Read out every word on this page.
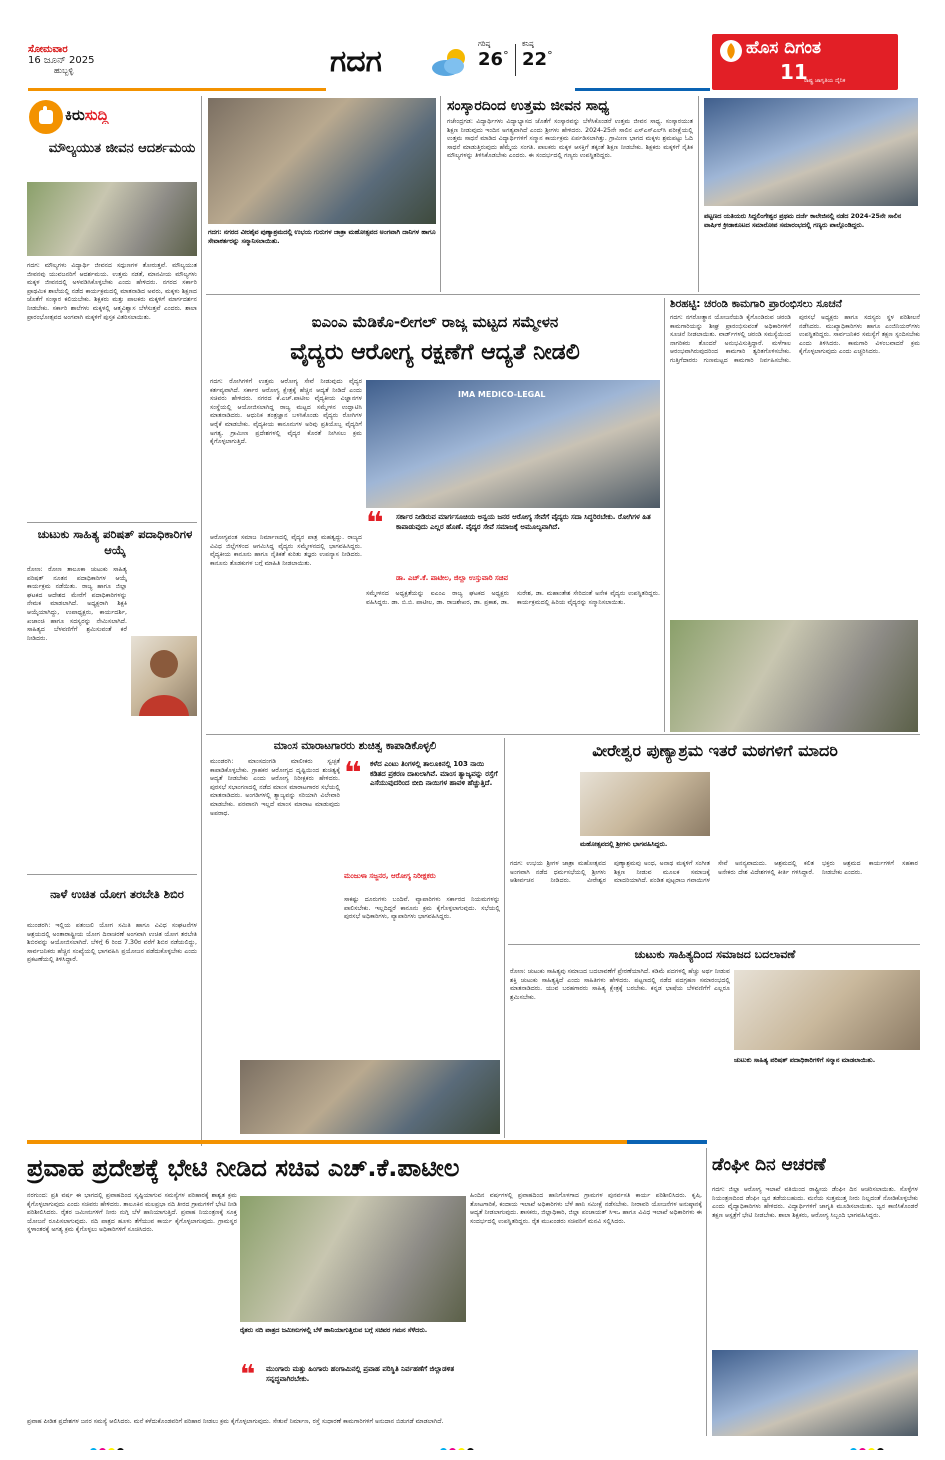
ಸೋಮವಾರ
16 ಜೂನ್ 2025
ಹುಬ್ಬಳ್ಳಿ	ಗದಗ	ಗರಿಷ್ಠ
26°
ಕನಿಷ್ಠ
22°	ಹೊಸ ದಿಗಂತ
11
ರಾಷ್ಟ್ರ ಜಾಗೃತಿಯ ದೈನಿಕ
ಕಿರುಸುದ್ದಿ
ಮೌಲ್ಯಯುತ ಜೀವನ ಆದರ್ಶಮಯ
ಗದಗ: ಮೌಲ್ಯಗಳು ವಿದ್ಯಾರ್ಥಿ ಜೀವನದ ಸದ್ಗುಣಗಳ ತೋರುತ್ತವೆ. ಮೌಲ್ಯಯುತ ಜೀವನವು ಯುವಜನರಿಗೆ ಆದರ್ಶಮಯ. ಉತ್ತಮ ನಡತೆ, ಮಾನವೀಯ ಮೌಲ್ಯಗಳು ಮಕ್ಕಳ ಜೀವನದಲ್ಲಿ ಅಳವಡಿಸಿಕೊಳ್ಳಬೇಕು ಎಂದು ಹೇಳಿದರು. ನಗರದ ಸರ್ಕಾರಿ ಪ್ರಾಥಮಿಕ ಶಾಲೆಯಲ್ಲಿ ನಡೆದ ಕಾರ್ಯಕ್ರಮದಲ್ಲಿ ಮಾತನಾಡಿದ ಅವರು, ಮಕ್ಕಳು ಶಿಕ್ಷಣದ ಜೊತೆಗೆ ಸಂಸ್ಕಾರ ಕಲಿಯಬೇಕು. ಶಿಕ್ಷಕರು ಮತ್ತು ಪಾಲಕರು ಮಕ್ಕಳಿಗೆ ಮಾರ್ಗದರ್ಶನ ನೀಡಬೇಕು. ಸರ್ಕಾರಿ ಶಾಲೆಗಳು ಮಕ್ಕಳಲ್ಲಿ ಆತ್ಮವಿಶ್ವಾಸ ಬೆಳೆಸುತ್ತವೆ ಎಂದರು. ಶಾಲಾ ಪ್ರಾರಂಭೋತ್ಸವದ ಅಂಗವಾಗಿ ಮಕ್ಕಳಿಗೆ ಪುಸ್ತಕ ವಿತರಿಸಲಾಯಿತು.
ಚುಟುಕು ಸಾಹಿತ್ಯ ಪರಿಷತ್ ಪದಾಧಿಕಾರಿಗಳ ಆಯ್ಕೆ
ರೋಣ: ರೋಣ ತಾಲೂಕಾ ಚುಟುಕು ಸಾಹಿತ್ಯ ಪರಿಷತ್ ನೂತನ ಪದಾಧಿಕಾರಿಗಳ ಆಯ್ಕೆ ಕಾರ್ಯಕ್ರಮ ನಡೆಯಿತು. ರಾಜ್ಯ ಹಾಗೂ ಜಿಲ್ಲಾ ಘಟಕದ ಆದೇಶದ ಮೇರೆಗೆ ಪದಾಧಿಕಾರಿಗಳನ್ನು ನೇಮಕ ಮಾಡಲಾಗಿದೆ. ಅಧ್ಯಕ್ಷರಾಗಿ ಶಿಕ್ಷಕಿ ಆಯ್ಕೆಯಾಗಿದ್ದು, ಉಪಾಧ್ಯಕ್ಷರು, ಕಾರ್ಯದರ್ಶಿ, ಖಜಾಂಚಿ ಹಾಗೂ ಸದಸ್ಯರನ್ನು ನೇಮಿಸಲಾಗಿದೆ. ಸಾಹಿತ್ಯದ ಬೆಳವಣಿಗೆಗೆ ಶ್ರಮಿಸುವಂತೆ ಕರೆ ನೀಡಿದರು.
ನಾಳೆ ಉಚಿತ ಯೋಗ ತರಬೇತಿ ಶಿಬಿರ
ಮುಂಡರಗಿ: ಇಲ್ಲಿಯ ಪತಂಜಲಿ ಯೋಗ ಸಮಿತಿ ಹಾಗೂ ವಿವಿಧ ಸಂಘಟನೆಗಳ ಆಶ್ರಯದಲ್ಲಿ ಅಂತಾರಾಷ್ಟ್ರೀಯ ಯೋಗ ದಿನಾಚರಣೆ ಅಂಗವಾಗಿ ಉಚಿತ ಯೋಗ ತರಬೇತಿ ಶಿಬಿರವನ್ನು ಆಯೋಜಿಸಲಾಗಿದೆ. ಬೆಳಿಗ್ಗೆ 6 ರಿಂದ 7.30ರ ವರೆಗೆ ಶಿಬಿರ ನಡೆಯಲಿದ್ದು, ಸಾರ್ವಜನಿಕರು ಹೆಚ್ಚಿನ ಸಂಖ್ಯೆಯಲ್ಲಿ ಭಾಗವಹಿಸಿ ಪ್ರಯೋಜನ ಪಡೆದುಕೊಳ್ಳಬೇಕು ಎಂದು ಪ್ರಕಟಣೆಯಲ್ಲಿ ತಿಳಿಸಿದ್ದಾರೆ.
ಗದಗ: ನಗರದ ವೀರಶೈವ ಪುಣ್ಯಾಶ್ರಮದಲ್ಲಿ ಉಭಯ ಗುರುಗಳ ಜಾತ್ರಾ ಮಹೋತ್ಸವದ ಅಂಗವಾಗಿ ದಾನಿಗಳ ಹಾಗೂ ಸೇವಾಕರ್ತರನ್ನು ಸನ್ಮಾನಿಸಲಾಯಿತು.
ಸಂಸ್ಕಾರದಿಂದ ಉತ್ತಮ ಜೀವನ ಸಾಧ್ಯ
ಗಜೇಂದ್ರಗಡ: ವಿದ್ಯಾರ್ಥಿಗಳು ವಿದ್ಯಾಭ್ಯಾಸದ ಜೊತೆಗೆ ಸಂಸ್ಕಾರವನ್ನು ಬೆಳೆಸಿಕೊಂಡರೆ ಉತ್ತಮ ಜೀವನ ಸಾಧ್ಯ. ಸಂಸ್ಕಾರಯುತ ಶಿಕ್ಷಣ ನೀಡುವುದು ಇಂದಿನ ಅಗತ್ಯವಾಗಿದೆ ಎಂದು ಶ್ರೀಗಳು ಹೇಳಿದರು. 2024-25ನೇ ಸಾಲಿನ ಎಸ್‌ಎಸ್‌ಎಲ್‌ಸಿ ಪರೀಕ್ಷೆಯಲ್ಲಿ ಉತ್ತಮ ಸಾಧನೆ ಮಾಡಿದ ವಿದ್ಯಾರ್ಥಿಗಳಿಗೆ ಸನ್ಮಾನ ಕಾರ್ಯಕ್ರಮ ಏರ್ಪಡಿಸಲಾಗಿತ್ತು. ಗ್ರಾಮೀಣ ಭಾಗದ ಮಕ್ಕಳು ಶ್ರಮಪಟ್ಟು ಓದಿ ಸಾಧನೆ ಮಾಡುತ್ತಿರುವುದು ಹೆಮ್ಮೆಯ ಸಂಗತಿ. ಪಾಲಕರು ಮಕ್ಕಳ ಆಸಕ್ತಿಗೆ ತಕ್ಕಂತೆ ಶಿಕ್ಷಣ ನೀಡಬೇಕು. ಶಿಕ್ಷಕರು ಮಕ್ಕಳಿಗೆ ನೈತಿಕ ಮೌಲ್ಯಗಳನ್ನು ತಿಳಿಸಿಕೊಡಬೇಕು ಎಂದರು. ಈ ಸಂದರ್ಭದಲ್ಲಿ ಗಣ್ಯರು ಉಪಸ್ಥಿತರಿದ್ದರು.
ಪಟ್ಟಣದ ಯತಿಯರು ಸಿದ್ದಲಿಂಗೇಶ್ವರ ಪ್ರಥಮ ದರ್ಜೆ ಕಾಲೇಜಿನಲ್ಲಿ ನಡೆದ 2024-25ನೇ ಸಾಲಿನ ವಾರ್ಷಿಕ ಕ್ರೀಡಾಕೂಟದ ಸಮಾರೋಪ ಸಮಾರಂಭದಲ್ಲಿ ಗಣ್ಯರು ಪಾಲ್ಗೊಂಡಿದ್ದರು.
ಐಎಂಎ ಮೆಡಿಕೊ-ಲೀಗಲ್ ರಾಜ್ಯ ಮಟ್ಟದ ಸಮ್ಮೇಳನ
ವೈದ್ಯರು ಆರೋಗ್ಯ ರಕ್ಷಣೆಗೆ ಆದ್ಯತೆ ನೀಡಲಿ
ಗದಗ: ರೋಗಿಗಳಿಗೆ ಉತ್ತಮ ಆರೋಗ್ಯ ಸೇವೆ ನೀಡುವುದು ವೈದ್ಯರ ಕರ್ತವ್ಯವಾಗಿದೆ. ಸರ್ಕಾರ ಆರೋಗ್ಯ ಕ್ಷೇತ್ರಕ್ಕೆ ಹೆಚ್ಚಿನ ಆದ್ಯತೆ ನೀಡಿದೆ ಎಂದು ಸಚಿವರು ಹೇಳಿದರು. ನಗರದ ಕೆ.ಎಚ್.ಪಾಟೀಲ ವೈದ್ಯಕೀಯ ವಿಜ್ಞಾನಗಳ ಸಂಸ್ಥೆಯಲ್ಲಿ ಆಯೋಜಿಸಲಾಗಿದ್ದ ರಾಜ್ಯ ಮಟ್ಟದ ಸಮ್ಮೇಳನ ಉದ್ಘಾಟಿಸಿ ಮಾತನಾಡಿದರು. ಆಧುನಿಕ ತಂತ್ರಜ್ಞಾನ ಬಳಸಿಕೊಂಡು ವೈದ್ಯರು ರೋಗಿಗಳ ಆರೈಕೆ ಮಾಡಬೇಕು. ವೈದ್ಯಕೀಯ ಕಾನೂನುಗಳ ಅರಿವು ಪ್ರತಿಯೊಬ್ಬ ವೈದ್ಯರಿಗೆ ಅಗತ್ಯ. ಗ್ರಾಮೀಣ ಪ್ರದೇಶಗಳಲ್ಲಿ ವೈದ್ಯರ ಕೊರತೆ ನೀಗಿಸಲು ಕ್ರಮ ಕೈಗೊಳ್ಳಲಾಗುತ್ತಿದೆ.
IMA MEDICO-LEGAL
❝	ಸರ್ಕಾರ ನೀಡಿರುವ ಮಾರ್ಗಸೂಚಿಯ ಅನ್ವಯ ಜನರ ಆರೋಗ್ಯ ಸೇವೆಗೆ ವೈದ್ಯರು ಸದಾ ಸಿದ್ಧರಿರಬೇಕು. ರೋಗಿಗಳ ಹಿತ ಕಾಪಾಡುವುದು ಎಲ್ಲರ ಹೊಣೆ. ವೈದ್ಯರ ಸೇವೆ ಸಮಾಜಕ್ಕೆ ಅಮೂಲ್ಯವಾಗಿದೆ.
ಡಾ. ಎಚ್.ಕೆ. ಪಾಟೀಲ, ಜಿಲ್ಲಾ ಉಸ್ತುವಾರಿ ಸಚಿವ
ಆರೋಗ್ಯವಂತ ಸಮಾಜ ನಿರ್ಮಾಣದಲ್ಲಿ ವೈದ್ಯರ ಪಾತ್ರ ಮಹತ್ವದ್ದು. ರಾಜ್ಯದ ವಿವಿಧ ಜಿಲ್ಲೆಗಳಿಂದ ಆಗಮಿಸಿದ್ದ ವೈದ್ಯರು ಸಮ್ಮೇಳನದಲ್ಲಿ ಭಾಗವಹಿಸಿದ್ದರು. ವೈದ್ಯಕೀಯ ಕಾನೂನು ಹಾಗೂ ನೈತಿಕತೆ ಕುರಿತು ತಜ್ಞರು ಉಪನ್ಯಾಸ ನೀಡಿದರು. ಕಾನೂನು ತೊಡಕುಗಳ ಬಗ್ಗೆ ಮಾಹಿತಿ ನೀಡಲಾಯಿತು.
ಸಮ್ಮೇಳನದ ಅಧ್ಯಕ್ಷತೆಯನ್ನು ಐಎಂಎ ರಾಜ್ಯ ಘಟಕದ ಅಧ್ಯಕ್ಷರು ವಹಿಸಿದ್ದರು. ಡಾ. ಬಿ.ಬಿ. ಪಾಟೀಲ, ಡಾ. ರಾಜಶೇಖರ, ಡಾ. ಪ್ರಕಾಶ, ಡಾ. ಸುರೇಶ, ಡಾ. ಮಹಾಂತೇಶ ಸೇರಿದಂತೆ ಅನೇಕ ವೈದ್ಯರು ಉಪಸ್ಥಿತರಿದ್ದರು. ಕಾರ್ಯಕ್ರಮದಲ್ಲಿ ಹಿರಿಯ ವೈದ್ಯರನ್ನು ಸನ್ಮಾನಿಸಲಾಯಿತು.
ಶಿರಹಟ್ಟಿ: ಚರಂಡಿ ಕಾಮಗಾರಿ ಪ್ರಾರಂಭಿಸಲು ಸೂಚನೆ
ಗದಗ: ನಗರೋತ್ಥಾನ ಯೋಜನೆಯಡಿ ಕೈಗೊಂಡಿರುವ ಚರಂಡಿ ಕಾಮಗಾರಿಯನ್ನು ಶೀಘ್ರ ಪ್ರಾರಂಭಿಸುವಂತೆ ಅಧಿಕಾರಿಗಳಿಗೆ ಸೂಚನೆ ನೀಡಲಾಯಿತು. ವಾರ್ಡ್‌ಗಳಲ್ಲಿ ಚರಂಡಿ ಸಮಸ್ಯೆಯಿಂದ ನಾಗರಿಕರು ತೊಂದರೆ ಅನುಭವಿಸುತ್ತಿದ್ದಾರೆ. ಮಳೆಗಾಲ ಆರಂಭವಾಗಿರುವುದರಿಂದ ಕಾಮಗಾರಿ ತ್ವರಿತಗೊಳಿಸಬೇಕು. ಗುತ್ತಿಗೆದಾರರು ಗುಣಮಟ್ಟದ ಕಾಮಗಾರಿ ನಿರ್ವಹಿಸಬೇಕು. ಪುರಸಭೆ ಅಧ್ಯಕ್ಷರು ಹಾಗೂ ಸದಸ್ಯರು ಸ್ಥಳ ಪರಿಶೀಲನೆ ನಡೆಸಿದರು. ಮುಖ್ಯಾಧಿಕಾರಿಗಳು ಹಾಗೂ ಎಂಜಿನಿಯರ್‌ಗಳು ಉಪಸ್ಥಿತರಿದ್ದರು. ಸಾರ್ವಜನಿಕರ ಸಮಸ್ಯೆಗೆ ತಕ್ಷಣ ಸ್ಪಂದಿಸಬೇಕು ಎಂದು ತಿಳಿಸಿದರು. ಕಾಮಗಾರಿ ವಿಳಂಬವಾದರೆ ಕ್ರಮ ಕೈಗೊಳ್ಳಲಾಗುವುದು ಎಂದು ಎಚ್ಚರಿಸಿದರು.
ಮಾಂಸ ಮಾರಾಟಗಾರರು ಶುಚಿತ್ವ ಕಾಪಾಡಿಕೊಳ್ಳಲಿ
ಮುಂಡರಗಿ: ಮಾಂಸದಂಗಡಿ ಮಾಲೀಕರು ಸ್ವಚ್ಛತೆ ಕಾಪಾಡಿಕೊಳ್ಳಬೇಕು. ಗ್ರಾಹಕರ ಆರೋಗ್ಯದ ದೃಷ್ಟಿಯಿಂದ ಶುಚಿತ್ವಕ್ಕೆ ಆದ್ಯತೆ ನೀಡಬೇಕು ಎಂದು ಆರೋಗ್ಯ ನಿರೀಕ್ಷಕರು ಹೇಳಿದರು. ಪುರಸಭೆ ಸಭಾಂಗಣದಲ್ಲಿ ನಡೆದ ಮಾಂಸ ಮಾರಾಟಗಾರರ ಸಭೆಯಲ್ಲಿ ಮಾತನಾಡಿದರು. ಅಂಗಡಿಗಳಲ್ಲಿ ತ್ಯಾಜ್ಯವನ್ನು ಸರಿಯಾಗಿ ವಿಲೇವಾರಿ ಮಾಡಬೇಕು. ಪರವಾನಗಿ ಇಲ್ಲದೆ ಮಾಂಸ ಮಾರಾಟ ಮಾಡುವುದು ಅಪರಾಧ.
❝	ಕಳೆದ ಎಂಟು ತಿಂಗಳಲ್ಲಿ ತಾಲೂಕಿನಲ್ಲಿ 103 ನಾಯಿ ಕಡಿತದ ಪ್ರಕರಣ ದಾಖಲಾಗಿವೆ. ಮಾಂಸ ತ್ಯಾಜ್ಯವನ್ನು ರಸ್ತೆಗೆ ಎಸೆಯುವುದರಿಂದ ಬೀದಿ ನಾಯಿಗಳ ಹಾವಳಿ ಹೆಚ್ಚುತ್ತಿದೆ.
ಮಂಜುಳಾ ಸಜ್ಜನರ, ಆರೋಗ್ಯ ನಿರೀಕ್ಷಕರು
ಸಾಕಷ್ಟು ದೂರುಗಳು ಬಂದಿವೆ. ವ್ಯಾಪಾರಿಗಳು ಸರ್ಕಾರದ ನಿಯಮಗಳನ್ನು ಪಾಲಿಸಬೇಕು. ಇಲ್ಲದಿದ್ದರೆ ಕಾನೂನು ಕ್ರಮ ಕೈಗೊಳ್ಳಲಾಗುವುದು. ಸಭೆಯಲ್ಲಿ ಪುರಸಭೆ ಅಧಿಕಾರಿಗಳು, ವ್ಯಾಪಾರಿಗಳು ಭಾಗವಹಿಸಿದ್ದರು.
ವೀರೇಶ್ವರ ಪುಣ್ಯಾಶ್ರಮ ಇತರೆ ಮಠಗಳಿಗೆ ಮಾದರಿ
ಮಹೋತ್ಸವದಲ್ಲಿ ಶ್ರೀಗಳು ಭಾಗವಹಿಸಿದ್ದರು.
ಗದಗ: ಉಭಯ ಶ್ರೀಗಳ ಜಾತ್ರಾ ಮಹೋತ್ಸವದ ಅಂಗವಾಗಿ ನಡೆದ ಧರ್ಮಸಭೆಯಲ್ಲಿ ಶ್ರೀಗಳು ಆಶೀರ್ವಚನ ನೀಡಿದರು. ವೀರೇಶ್ವರ ಪುಣ್ಯಾಶ್ರಮವು ಅಂಧ, ಅನಾಥ ಮಕ್ಕಳಿಗೆ ಸಂಗೀತ ಶಿಕ್ಷಣ ನೀಡುವ ಮೂಲಕ ಸಮಾಜಕ್ಕೆ ಮಾದರಿಯಾಗಿದೆ. ಪಂಡಿತ ಪುಟ್ಟರಾಜ ಗವಾಯಿಗಳ ಸೇವೆ ಅನನ್ಯವಾದುದು. ಆಶ್ರಮದಲ್ಲಿ ಕಲಿತ ಅನೇಕರು ದೇಶ ವಿದೇಶಗಳಲ್ಲಿ ಕೀರ್ತಿ ಗಳಿಸಿದ್ದಾರೆ. ಭಕ್ತರು ಆಶ್ರಮದ ಕಾರ್ಯಗಳಿಗೆ ಸಹಕಾರ ನೀಡಬೇಕು ಎಂದರು.
ಚುಟುಕು ಸಾಹಿತ್ಯದಿಂದ ಸಮಾಜದ ಬದಲಾವಣೆ
ರೋಣ: ಚುಟುಕು ಸಾಹಿತ್ಯವು ಸಮಾಜದ ಬದಲಾವಣೆಗೆ ಪ್ರೇರಣೆಯಾಗಿದೆ. ಕಡಿಮೆ ಪದಗಳಲ್ಲಿ ಹೆಚ್ಚು ಅರ್ಥ ನೀಡುವ ಶಕ್ತಿ ಚುಟುಕು ಸಾಹಿತ್ಯಕ್ಕಿದೆ ಎಂದು ಸಾಹಿತಿಗಳು ಹೇಳಿದರು. ಪಟ್ಟಣದಲ್ಲಿ ನಡೆದ ಪದಗ್ರಹಣ ಸಮಾರಂಭದಲ್ಲಿ ಮಾತನಾಡಿದರು. ಯುವ ಬರಹಗಾರರು ಸಾಹಿತ್ಯ ಕ್ಷೇತ್ರಕ್ಕೆ ಬರಬೇಕು. ಕನ್ನಡ ಭಾಷೆಯ ಬೆಳವಣಿಗೆಗೆ ಎಲ್ಲರೂ ಶ್ರಮಿಸಬೇಕು.
ಚುಟುಕು ಸಾಹಿತ್ಯ ಪರಿಷತ್ ಪದಾಧಿಕಾರಿಗಳಿಗೆ ಸನ್ಮಾನ ಮಾಡಲಾಯಿತು.
ಪ್ರವಾಹ ಪ್ರದೇಶಕ್ಕೆ ಭೇಟಿ ನೀಡಿದ ಸಚಿವ ಎಚ್.ಕೆ.ಪಾಟೀಲ
ನರಗುಂದ: ಪ್ರತಿ ವರ್ಷ ಈ ಭಾಗದಲ್ಲಿ ಪ್ರವಾಹದಿಂದ ಸೃಷ್ಟಿಯಾಗುವ ಸಮಸ್ಯೆಗಳ ಪರಿಹಾರಕ್ಕೆ ಶಾಶ್ವತ ಕ್ರಮ ಕೈಗೊಳ್ಳಲಾಗುವುದು ಎಂದು ಸಚಿವರು ಹೇಳಿದರು. ತಾಲೂಕಿನ ಮಲಪ್ರಭಾ ನದಿ ತೀರದ ಗ್ರಾಮಗಳಿಗೆ ಭೇಟಿ ನೀಡಿ ಪರಿಶೀಲಿಸಿದರು. ರೈತರ ಜಮೀನುಗಳಿಗೆ ನೀರು ನುಗ್ಗಿ ಬೆಳೆ ಹಾನಿಯಾಗುತ್ತಿದೆ. ಪ್ರವಾಹ ನಿಯಂತ್ರಣಕ್ಕೆ ಸೂಕ್ತ ಯೋಜನೆ ರೂಪಿಸಲಾಗುವುದು. ನದಿ ಪಾತ್ರದ ಹೂಳು ತೆಗೆಯುವ ಕಾರ್ಯ ಕೈಗೊಳ್ಳಲಾಗುವುದು. ಗ್ರಾಮಸ್ಥರ ಸ್ಥಳಾಂತರಕ್ಕೆ ಅಗತ್ಯ ಕ್ರಮ ಕೈಗೊಳ್ಳಲು ಅಧಿಕಾರಿಗಳಿಗೆ ಸೂಚಿಸಿದರು.
ರೈತರು ನದಿ ಪಾತ್ರದ ಜಮೀನುಗಳಲ್ಲಿ ಬೆಳೆ ಹಾನಿಯಾಗುತ್ತಿರುವ ಬಗ್ಗೆ ಸಚಿವರ ಗಮನ ಸೆಳೆದರು.
❝	ಮುಂಗಾರು ಮತ್ತು ಹಿಂಗಾರು ಹಂಗಾಮಿನಲ್ಲಿ ಪ್ರವಾಹ ಪರಿಸ್ಥಿತಿ ನಿರ್ವಹಣೆಗೆ ಜಿಲ್ಲಾಡಳಿತ ಸನ್ನದ್ಧವಾಗಿರಬೇಕು.
ಹಿಂದಿನ ವರ್ಷಗಳಲ್ಲಿ ಪ್ರವಾಹದಿಂದ ಹಾನಿಗೊಳಗಾದ ಗ್ರಾಮಗಳ ಪುನರ್ವಸತಿ ಕಾರ್ಯ ಪರಿಶೀಲಿಸಿದರು. ಕೃಷಿ, ತೋಟಗಾರಿಕೆ, ಕಂದಾಯ ಇಲಾಖೆ ಅಧಿಕಾರಿಗಳು ಬೆಳೆ ಹಾನಿ ಸಮೀಕ್ಷೆ ನಡೆಸಬೇಕು. ನೀರಾವರಿ ಯೋಜನೆಗಳ ಅನುಷ್ಠಾನಕ್ಕೆ ಆದ್ಯತೆ ನೀಡಲಾಗುವುದು. ಶಾಸಕರು, ಜಿಲ್ಲಾಧಿಕಾರಿ, ಜಿಲ್ಲಾ ಪಂಚಾಯತ್ ಸಿಇಒ ಹಾಗೂ ವಿವಿಧ ಇಲಾಖೆ ಅಧಿಕಾರಿಗಳು ಈ ಸಂದರ್ಭದಲ್ಲಿ ಉಪಸ್ಥಿತರಿದ್ದರು. ರೈತ ಮುಖಂಡರು ಸಚಿವರಿಗೆ ಮನವಿ ಸಲ್ಲಿಸಿದರು.
ಪ್ರವಾಹ ಪೀಡಿತ ಪ್ರದೇಶಗಳ ಜನರ ಸಮಸ್ಯೆ ಆಲಿಸಿದರು. ಮನೆ ಕಳೆದುಕೊಂಡವರಿಗೆ ಪರಿಹಾರ ನೀಡಲು ಕ್ರಮ ಕೈಗೊಳ್ಳಲಾಗುವುದು. ಸೇತುವೆ ನಿರ್ಮಾಣ, ರಸ್ತೆ ಸುಧಾರಣೆ ಕಾಮಗಾರಿಗಳಿಗೆ ಅನುದಾನ ಬಿಡುಗಡೆ ಮಾಡಲಾಗಿದೆ.
ಡೆಂಘೀ ದಿನ ಆಚರಣೆ
ಗದಗ: ಜಿಲ್ಲಾ ಆರೋಗ್ಯ ಇಲಾಖೆ ವತಿಯಿಂದ ರಾಷ್ಟ್ರೀಯ ಡೆಂಘೀ ದಿನ ಆಚರಿಸಲಾಯಿತು. ಸೊಳ್ಳೆಗಳ ನಿಯಂತ್ರಣದಿಂದ ಡೆಂಘೀ ಜ್ವರ ತಡೆಯಬಹುದು. ಮನೆಯ ಸುತ್ತಮುತ್ತ ನೀರು ನಿಲ್ಲದಂತೆ ನೋಡಿಕೊಳ್ಳಬೇಕು ಎಂದು ವೈದ್ಯಾಧಿಕಾರಿಗಳು ಹೇಳಿದರು. ವಿದ್ಯಾರ್ಥಿಗಳಿಗೆ ಜಾಗೃತಿ ಮೂಡಿಸಲಾಯಿತು. ಜ್ವರ ಕಾಣಿಸಿಕೊಂಡರೆ ತಕ್ಷಣ ಆಸ್ಪತ್ರೆಗೆ ಭೇಟಿ ನೀಡಬೇಕು. ಶಾಲಾ ಶಿಕ್ಷಕರು, ಆರೋಗ್ಯ ಸಿಬ್ಬಂದಿ ಭಾಗವಹಿಸಿದ್ದರು.
